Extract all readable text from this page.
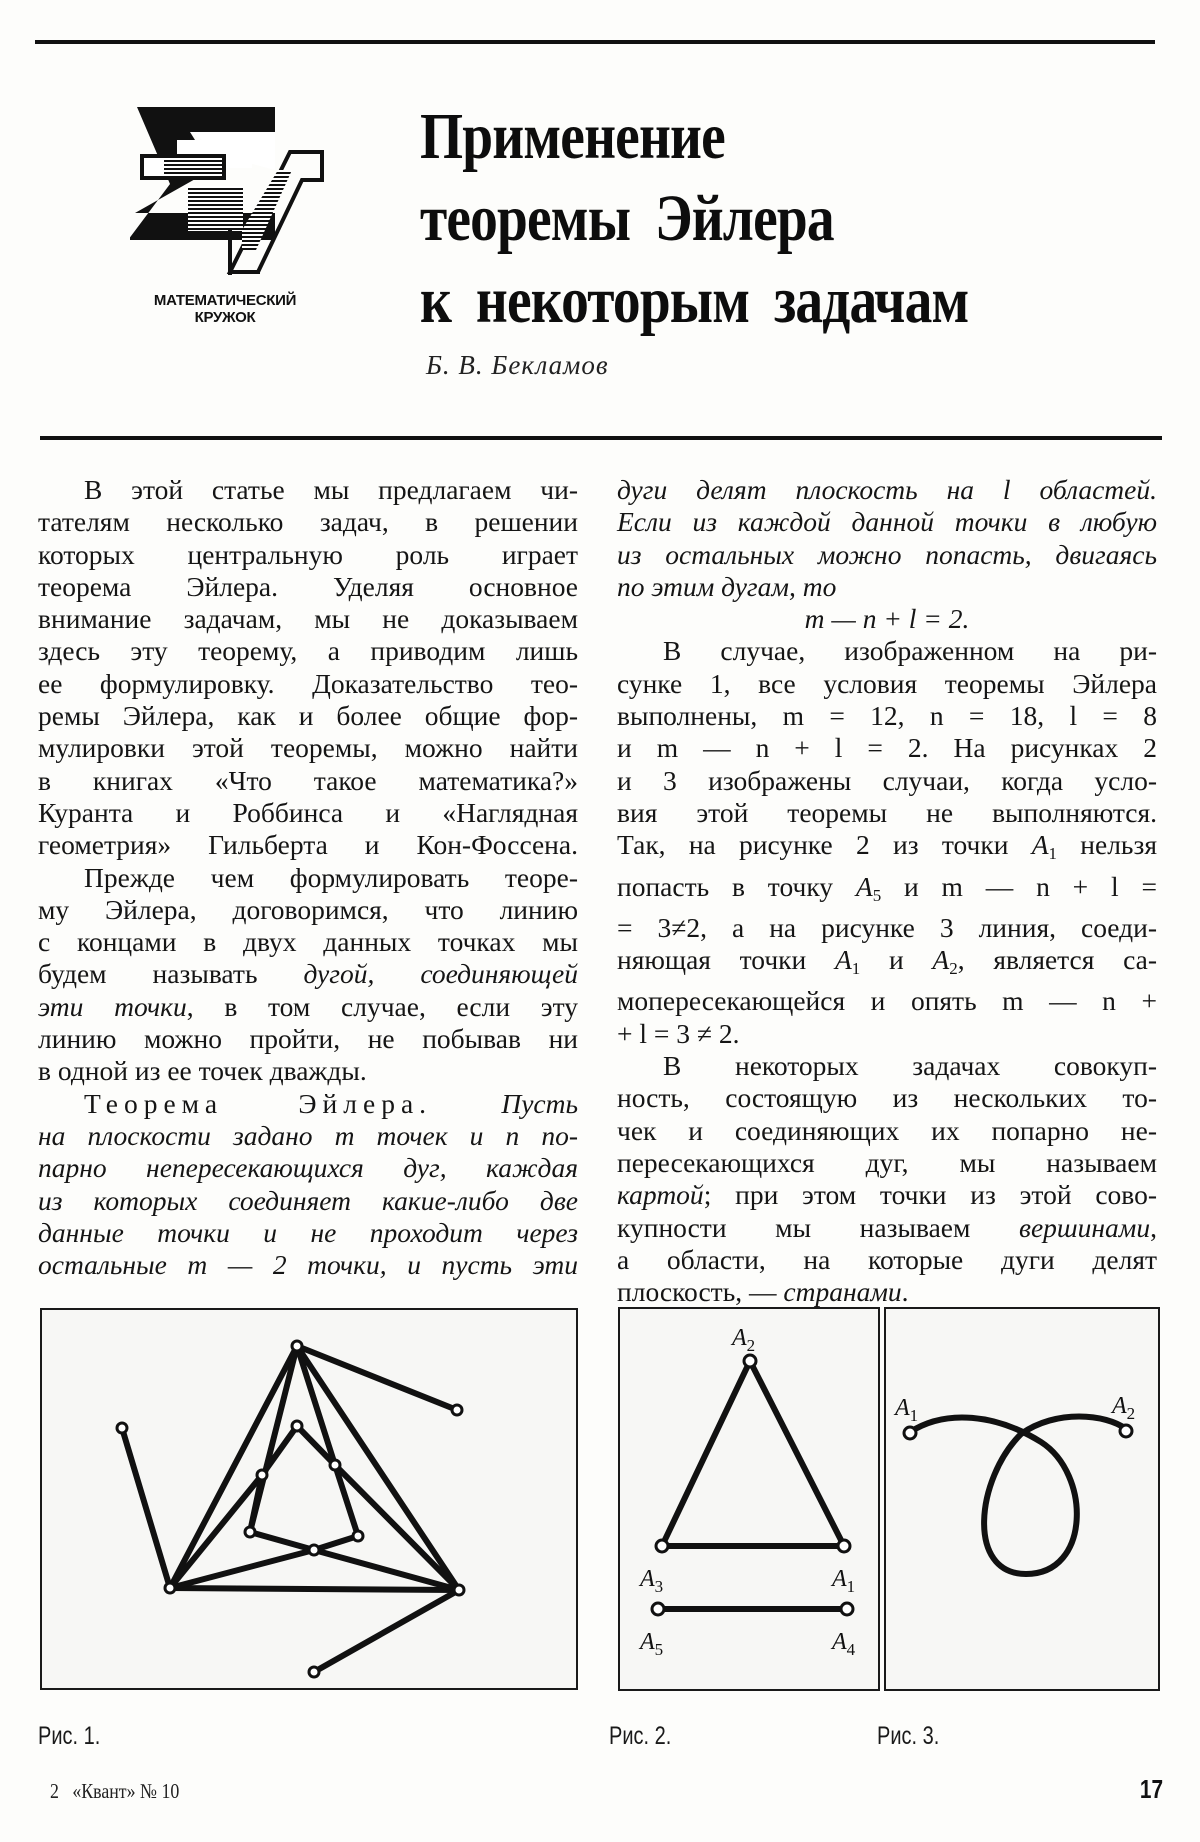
МАТЕМАТИЧЕСКИЙ
КРУЖОК
Применение
теоремы Эйлера
к некоторым задачам
Б. В. Бекламов
В этой статье мы предлагаем чи-
тателям несколько задач, в решении
которых центральную роль играет
теорема Эйлера. Уделяя основное
внимание задачам, мы не доказываем
здесь эту теорему, а приводим лишь
ее формулировку. Доказательство тео-
ремы Эйлера, как и более общие фор-
мулировки этой теоремы, можно найти
в книгах «Что такое математика?»
Куранта и Роббинса и «Наглядная
геометрия» Гильберта и Кон-Фоссена.
Прежде чем формулировать теоре-
му Эйлера, договоримся, что линию
с концами в двух данных точках мы
будем называть дугой, соединяющей
эти точки, в том случае, если эту
линию можно пройти, не побывав ни
в одной из ее точек дважды.
Теорема Эйлера.	Пусть
на плоскости задано m точек и n по-
парно непересекающихся дуг, каждая
из которых соединяет какие-либо две
данные точки и не проходит через
остальные m — 2 точки, и пусть эти
дуги делят плоскость на l областей.
Если из каждой данной точки в любую
из остальных можно попасть, двигаясь
по этим дугам, то
m — n + l = 2.
В случае, изображенном на ри-
сунке 1, все условия теоремы Эйлера
выполнены, m = 12, n = 18, l = 8
и m — n + l = 2. На рисунках 2
и 3 изображены случаи, когда усло-
вия этой теоремы не выполняются.
Так, на рисунке 2 из точки $A_1$ нельзя
попасть в точку $A_5$ и m — n + l =
= 3≠2, а на рисунке 3 линия, соеди-
няющая точки $A_1$ и $A_2$, является са-
мопересекающейся и опять m — n +
+ l = 3 ≠ 2.
В некоторых задачах совокуп-
ность, состоящую из нескольких то-
чек и соединяющих их попарно не-
пересекающихся дуг, мы называем
картой; при этом точки из этой сово-
купности мы называем вершинами,
а области, на которые дуги делят
плоскость, — странами.
$A_2$
$A_3$	$A_1$
$A_5$	$A_4$
$A_1$	$A_2$
Рис. 1.	Рис. 2.	Рис. 3.
2 «Квант» № 10	17
